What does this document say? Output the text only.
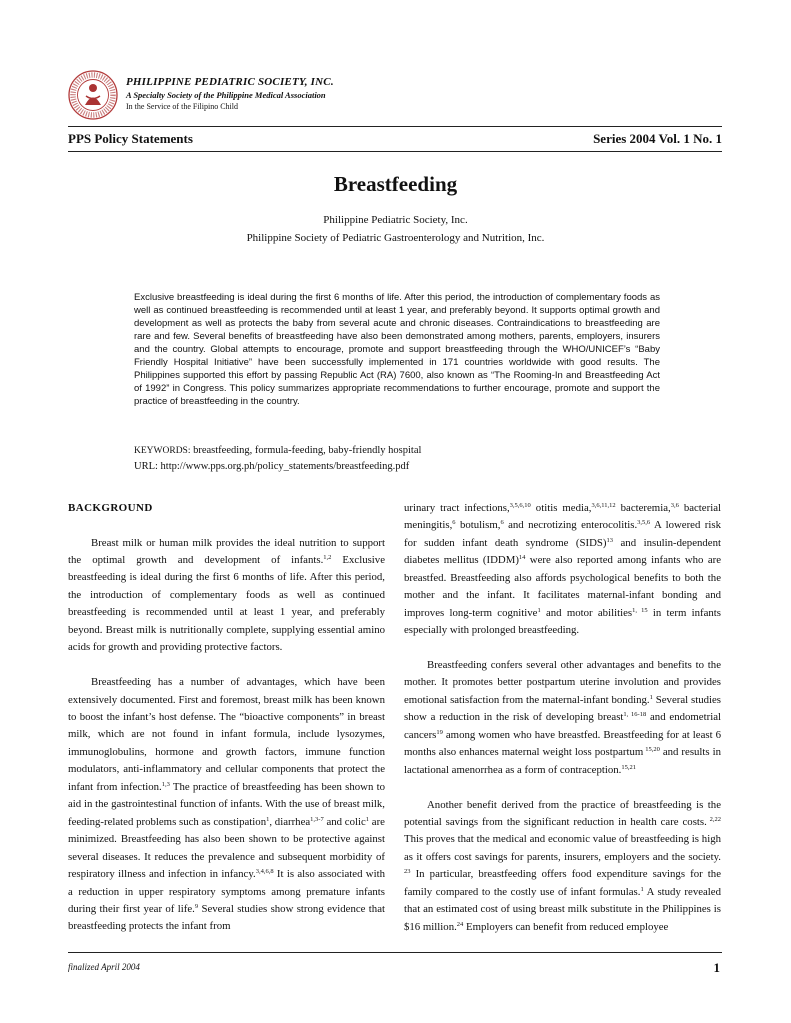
PHILIPPINE PEDIATRIC SOCIETY, INC.
A Specialty Society of the Philippine Medical Association
In the Service of the Filipino Child
PPS Policy Statements	Series 2004 Vol. 1 No. 1
Breastfeeding
Philippine Pediatric Society, Inc.
Philippine Society of Pediatric Gastroenterology and Nutrition, Inc.
Exclusive breastfeeding is ideal during the first 6 months of life. After this period, the introduction of complementary foods as well as continued breastfeeding is recommended until at least 1 year, and preferably beyond. It supports optimal growth and development as well as protects the baby from several acute and chronic diseases. Contraindications to breastfeeding are rare and few. Several benefits of breastfeeding have also been demonstrated among mothers, parents, employers, insurers and the country. Global attempts to encourage, promote and support breastfeeding through the WHO/UNICEF’s “Baby Friendly Hospital Initiative” have been successfully implemented in 171 countries worldwide with good results. The Philippines supported this effort by passing Republic Act (RA) 7600, also known as “The Rooming-In and Breastfeeding Act of 1992” in Congress. This policy summarizes appropriate recommendations to further encourage, promote and support the practice of breastfeeding in the country.
KEYWORDS: breastfeeding, formula-feeding, baby-friendly hospital
URL: http://www.pps.org.ph/policy_statements/breastfeeding.pdf
BACKGROUND

Breast milk or human milk provides the ideal nutrition to support the optimal growth and development of infants.$^{1,2}$ Exclusive breastfeeding is ideal during the first 6 months of life. After this period, the introduction of complementary foods as well as continued breastfeeding is recommended until at least 1 year, and preferably beyond. Breast milk is nutritionally complete, supplying essential amino acids for growth and providing protective factors.

Breastfeeding has a number of advantages, which have been extensively documented. First and foremost, breast milk has been known to boost the infant’s host defense. The “bioactive components” in breast milk, which are not found in infant formula, include lysozymes, immunoglobulins, hormone and growth factors, immune function modulators, anti-inflammatory and cellular components that protect the infant from infection.$^{1,3}$ The practice of breastfeeding has been shown to aid in the gastrointestinal function of infants. With the use of breast milk, feeding-related problems such as constipation$^1$, diarrhea$^{1,3-7}$ and colic$^1$ are minimized. Breastfeeding has also been shown to be protective against several diseases. It reduces the prevalence and subsequent morbidity of respiratory illness and infection in infancy.$^{3,4,6,8}$ It is also associated with a reduction in upper respiratory symptoms among premature infants during their first year of life.$^9$ Several studies show strong evidence that breastfeeding protects the infant from

urinary tract infections,$^{3,5,6,10}$ otitis media,$^{3,6,11,12}$ bacteremia,$^{3,6}$ bacterial meningitis,$^6$ botulism,$^6$ and necrotizing enterocolitis.$^{3,5,6}$ A lowered risk for sudden infant death syndrome (SIDS)$^{13}$ and insulin-dependent diabetes mellitus (IDDM)$^{14}$ were also reported among infants who are breastfed. Breastfeeding also affords psychological benefits to both the mother and the infant. It facilitates maternal-infant bonding and improves long-term cognitive$^1$ and motor abilities$^{1, 15}$ in term infants especially with prolonged breastfeeding.

Breastfeeding confers several other advantages and benefits to the mother. It promotes better postpartum uterine involution and provides emotional satisfaction from the maternal-infant bonding.$^1$ Several studies show a reduction in the risk of developing breast$^{1, 16-18}$ and endometrial cancers$^{19}$ among women who have breastfed. Breastfeeding for at least 6 months also enhances maternal weight loss postpartum $^{15,20}$ and results in lactational amenorrhea as a form of contraception.$^{15,21}$

Another benefit derived from the practice of breastfeeding is the potential savings from the significant reduction in health care costs. $^{2,22}$ This proves that the medical and economic value of breastfeeding is high as it offers cost savings for parents, insurers, employers and the society. $^{23}$ In particular, breastfeeding offers food expenditure savings for the family compared to the costly use of infant formulas.$^1$ A study revealed that an estimated cost of using breast milk substitute in the Philippines is $16 million.$^{24}$ Employers can benefit from reduced employee

finalized April 2004	1
